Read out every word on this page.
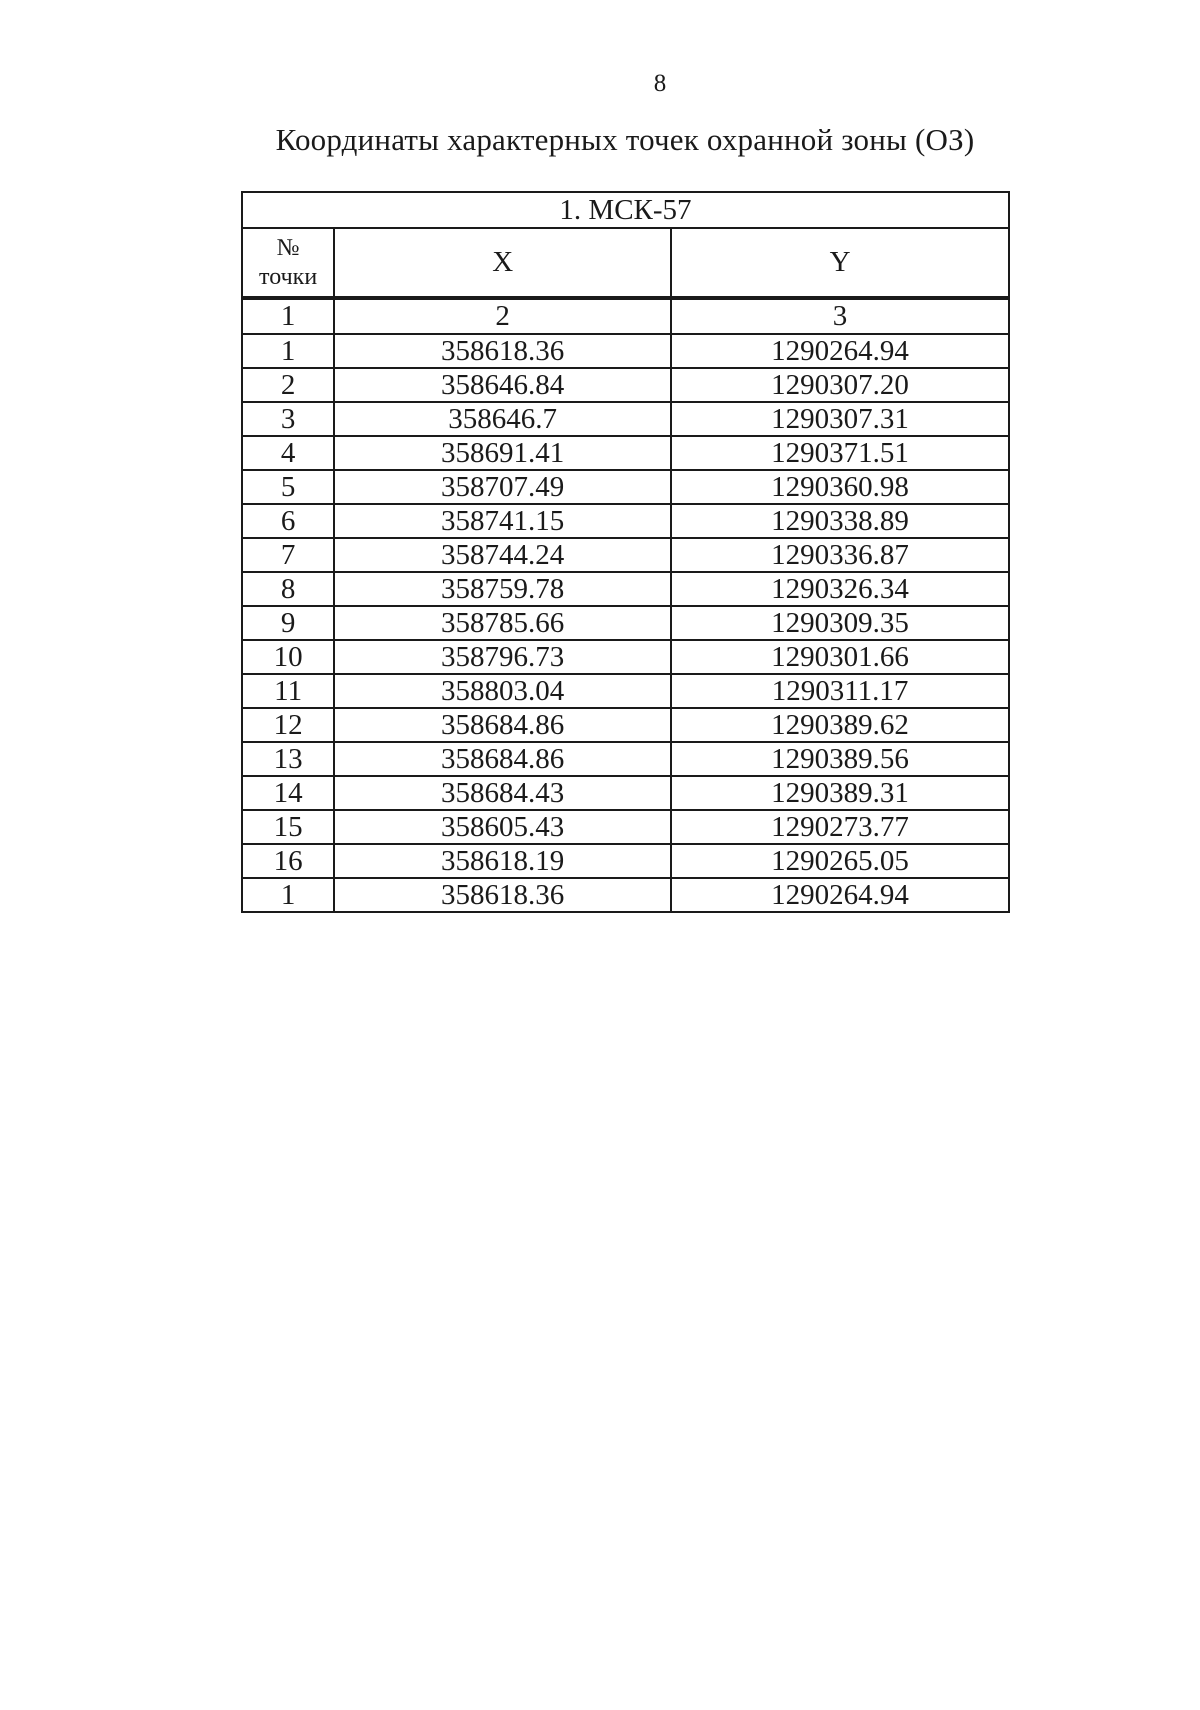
8
Координаты характерных точек охранной зоны (ОЗ)
1. МСК-57		
№
точки	X	Y
1	2	3
1	358618.36	1290264.94
2	358646.84	1290307.20
3	358646.7	1290307.31
4	358691.41	1290371.51
5	358707.49	1290360.98
6	358741.15	1290338.89
7	358744.24	1290336.87
8	358759.78	1290326.34
9	358785.66	1290309.35
10	358796.73	1290301.66
11	358803.04	1290311.17
12	358684.86	1290389.62
13	358684.86	1290389.56
14	358684.43	1290389.31
15	358605.43	1290273.77
16	358618.19	1290265.05
1	358618.36	1290264.94
